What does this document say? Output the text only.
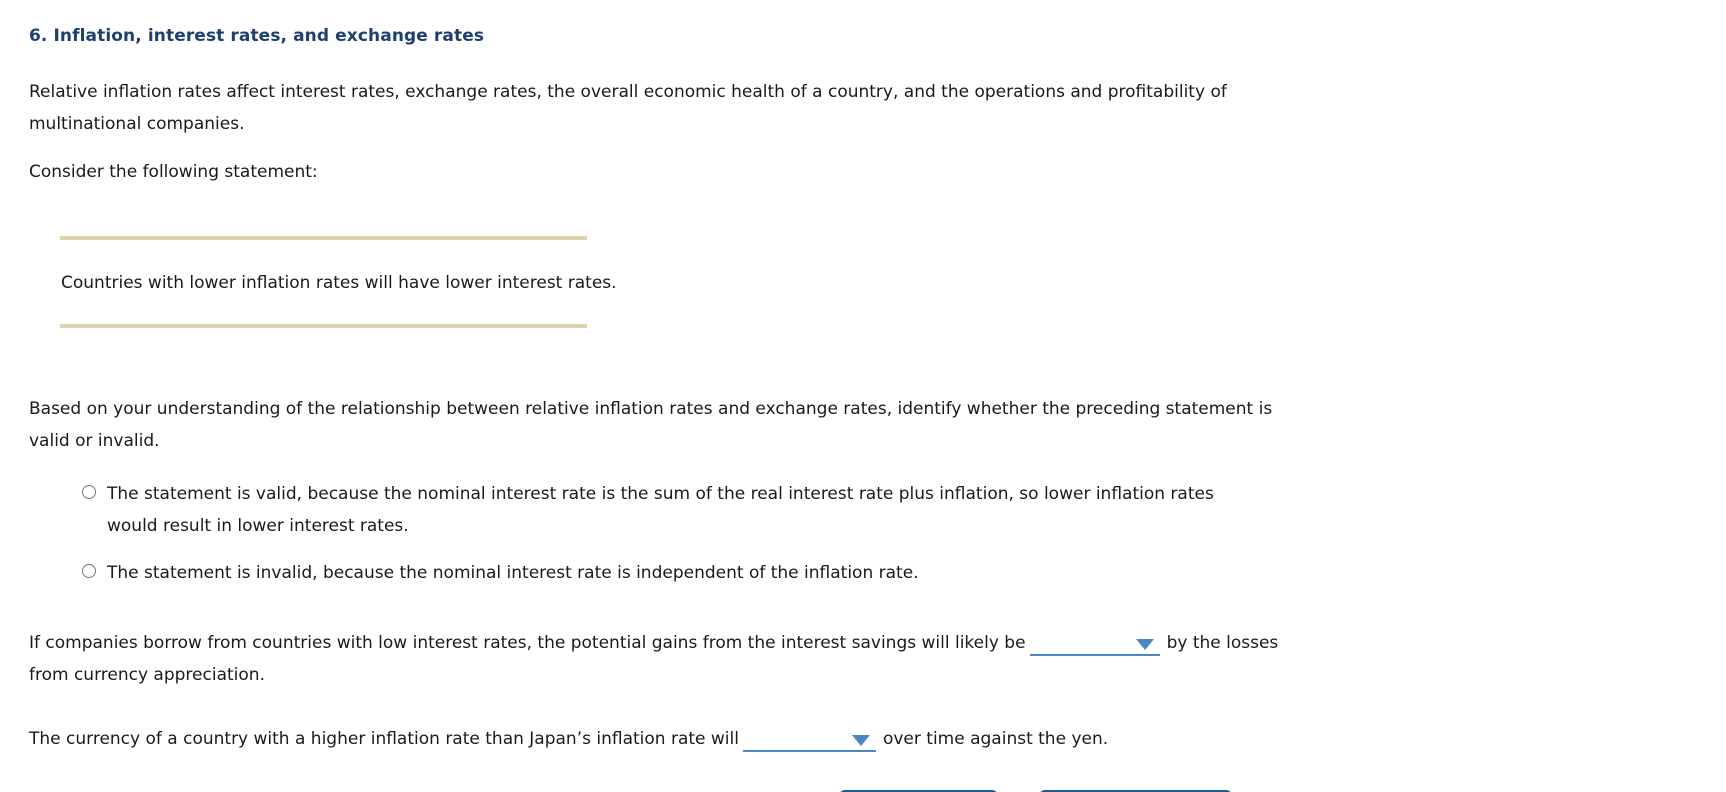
6. Inflation, interest rates, and exchange rates
Relative inflation rates affect interest rates, exchange rates, the overall economic health of a country, and the operations and profitability of multinational companies.
Consider the following statement:
Countries with lower inflation rates will have lower interest rates.
Based on your understanding of the relationship between relative inflation rates and exchange rates, identify whether the preceding statement is valid or invalid.
The statement is valid, because the nominal interest rate is the sum of the real interest rate plus inflation, so lower inflation rates would result in lower interest rates.
The statement is invalid, because the nominal interest rate is independent of the inflation rate.
If companies borrow from countries with low interest rates, the potential gains from the interest savings will likely be	by the losses from currency appreciation.
The currency of a country with a higher inflation rate than Japan’s inflation rate will	over time against the yen.
